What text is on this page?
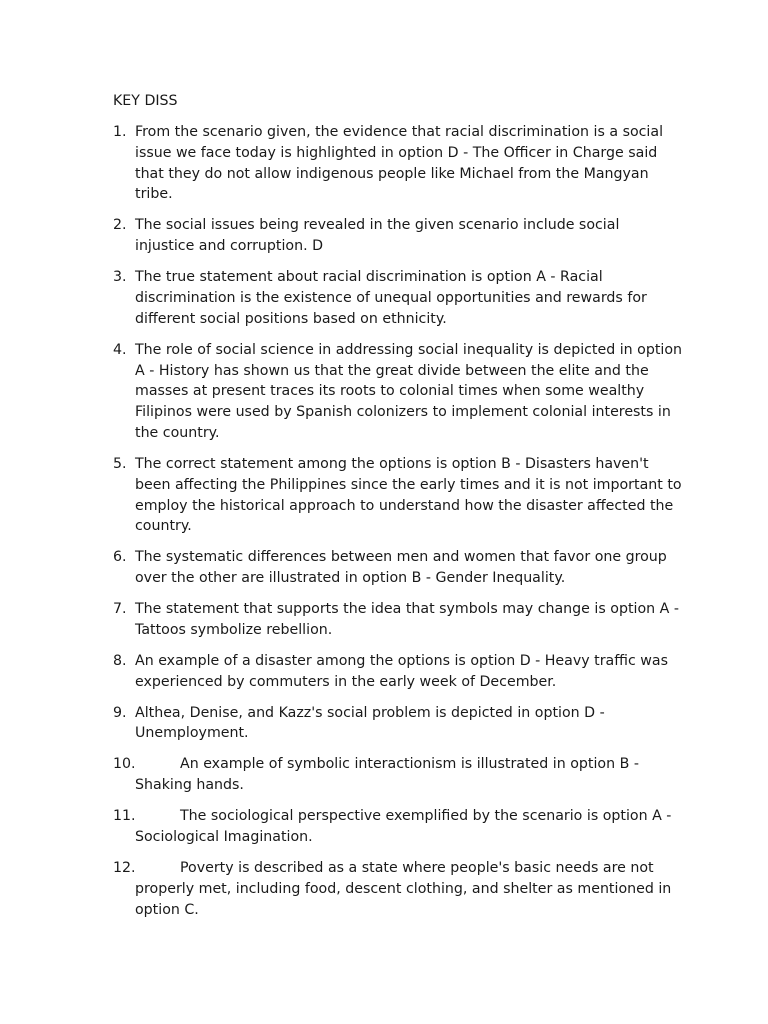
KEY DISS
1. From the scenario given, the evidence that racial discrimination is a social issue we face today is highlighted in option D - The Officer in Charge said that they do not allow indigenous people like Michael from the Mangyan tribe.
2. The social issues being revealed in the given scenario include social injustice and corruption. D
3. The true statement about racial discrimination is option A - Racial discrimination is the existence of unequal opportunities and rewards for different social positions based on ethnicity.
4. The role of social science in addressing social inequality is depicted in option A - History has shown us that the great divide between the elite and the masses at present traces its roots to colonial times when some wealthy Filipinos were used by Spanish colonizers to implement colonial interests in the country.
5. The correct statement among the options is option B - Disasters haven't been affecting the Philippines since the early times and it is not important to employ the historical approach to understand how the disaster affected the country.
6. The systematic differences between men and women that favor one group over the other are illustrated in option B - Gender Inequality.
7. The statement that supports the idea that symbols may change is option A - Tattoos symbolize rebellion.
8. An example of a disaster among the options is option D - Heavy traffic was experienced by commuters in the early week of December.
9. Althea, Denise, and Kazz's social problem is depicted in option D - Unemployment.
10.	An example of symbolic interactionism is illustrated in option B - Shaking hands.
11.	The sociological perspective exemplified by the scenario is option A - Sociological Imagination.
12.	Poverty is described as a state where people's basic needs are not properly met, including food, descent clothing, and shelter as mentioned in option C.
